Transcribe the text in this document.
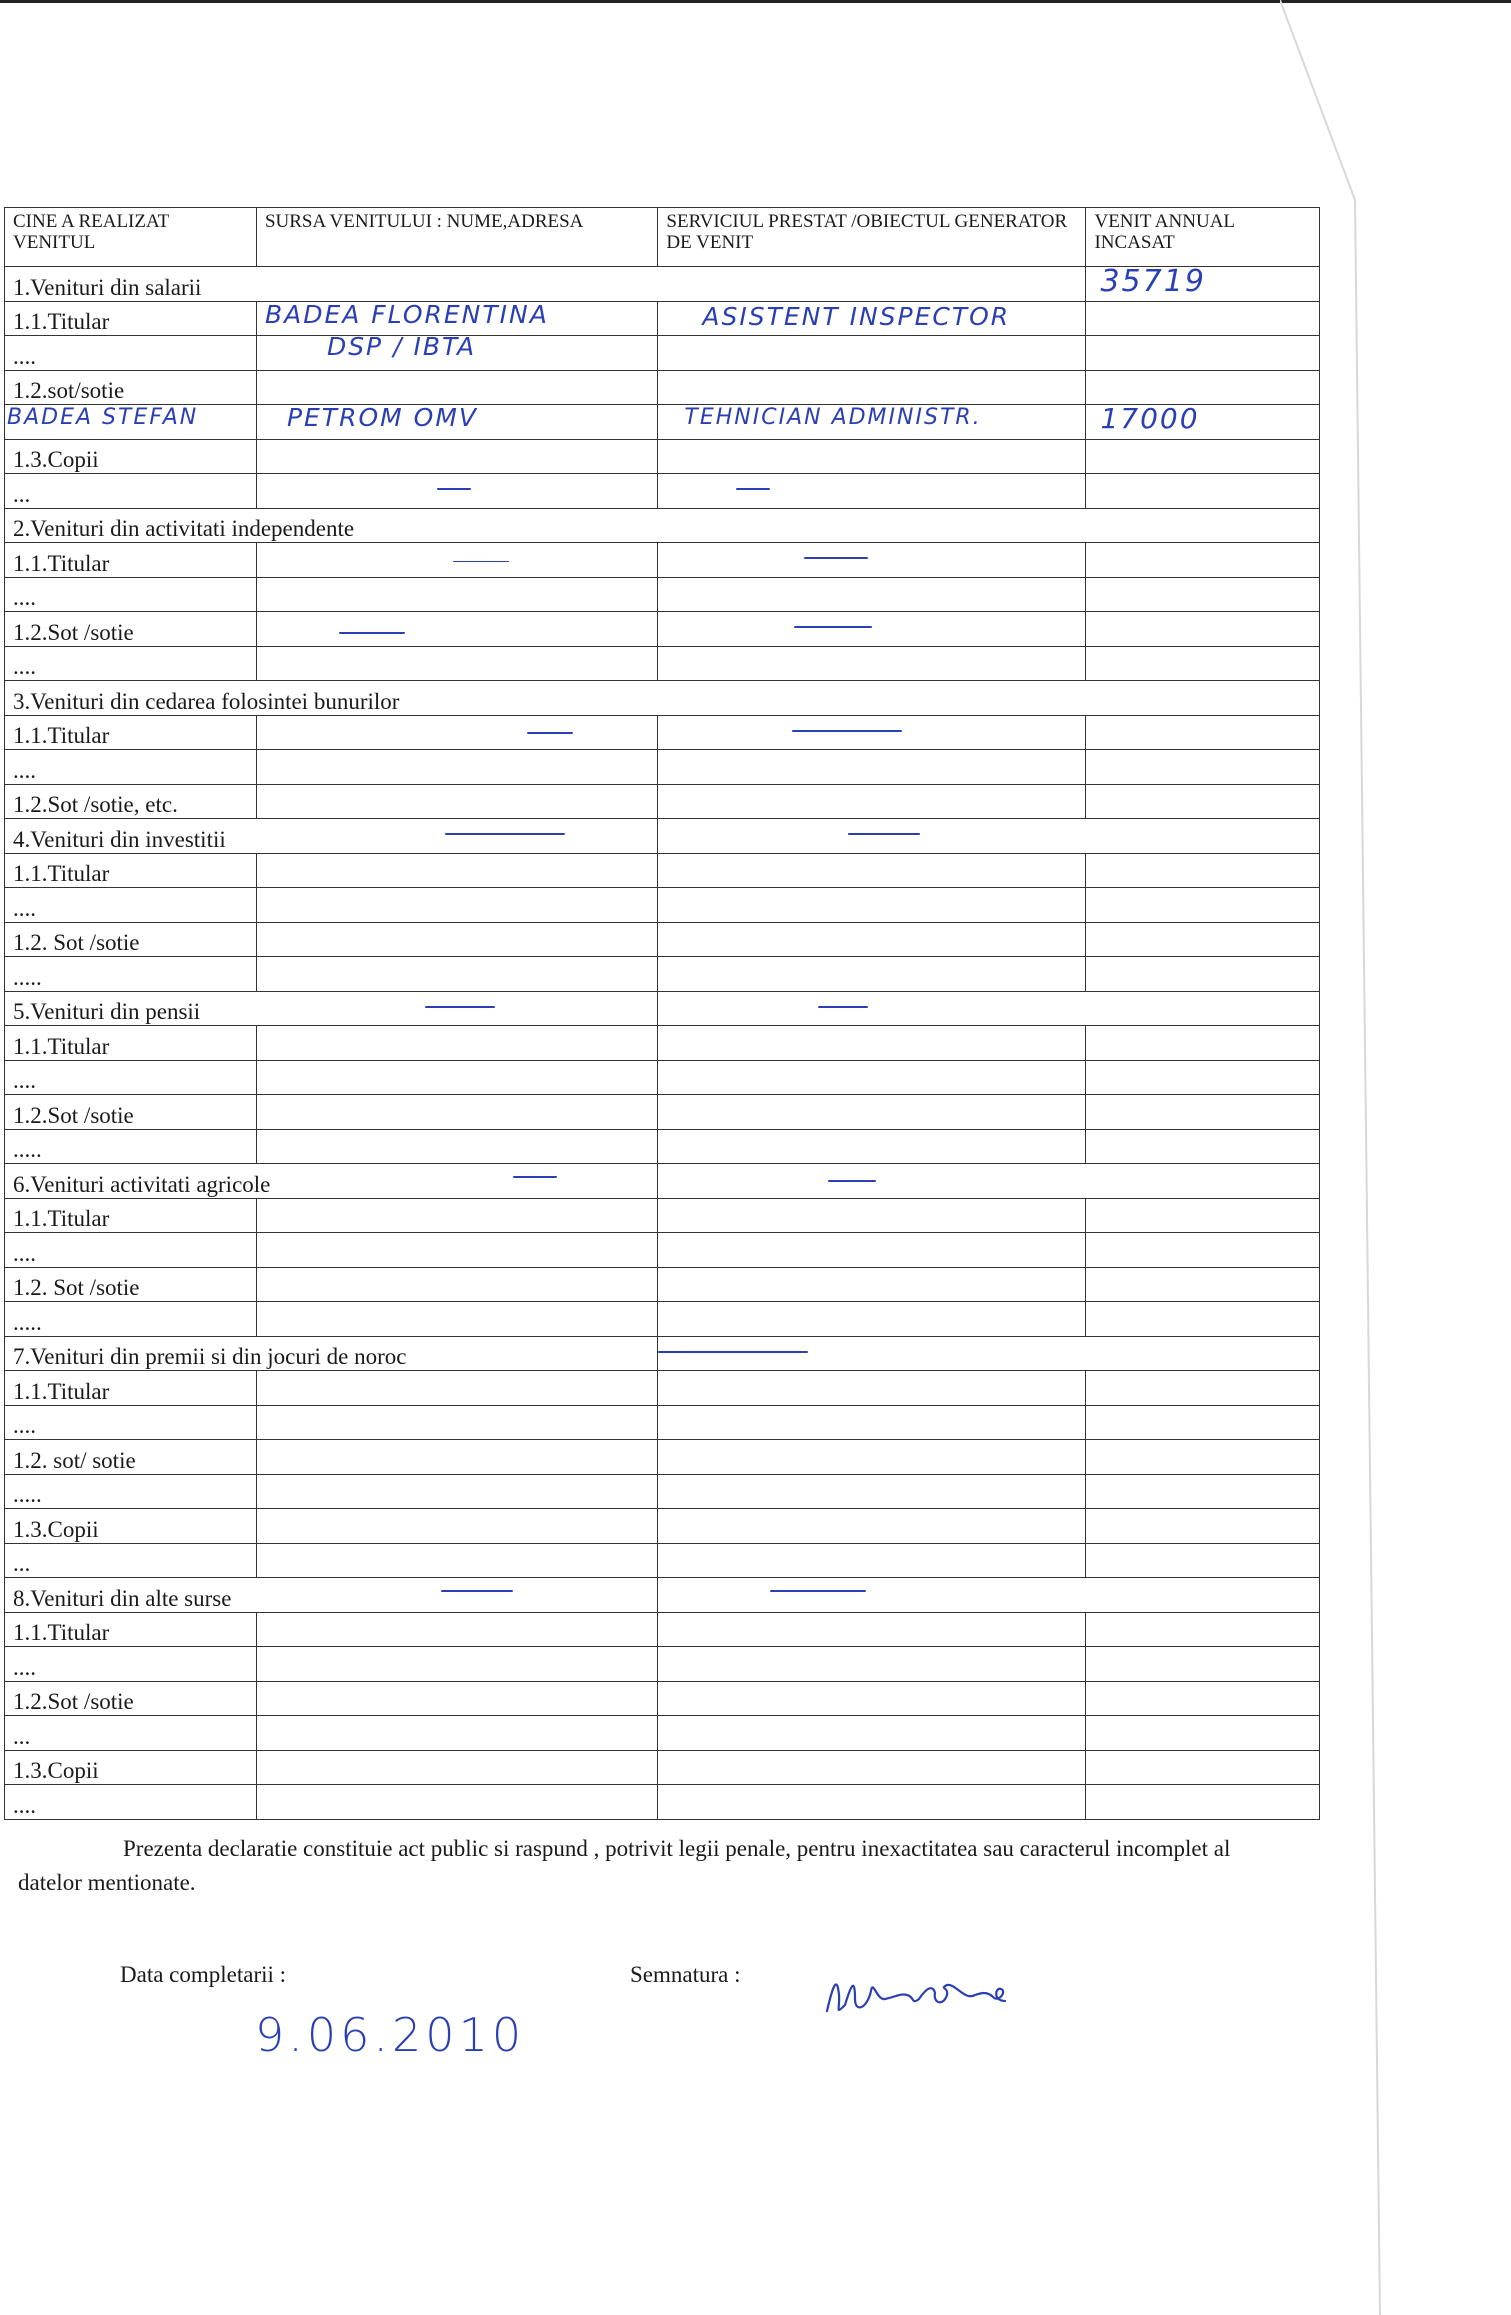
CINE A REALIZAT VENITUL	SURSA VENITULUI : NUME,ADRESA	SERVICIUL PRESTAT /OBIECTUL GENERATOR DE VENIT	VENIT ANNUAL INCASAT
1.Venituri din salarii			35719

1.1.Titular	BADEA FLORENTINA	ASISTENT INSPECTOR	

....	DSP / IBTA		

1.2.sot/sotie			

BADEA STEFAN	PETROM OMV	TEHNICIAN ADMINISTR.	17000

1.3.Copii			
...	

2.Venituri din activitati independente			
1.1.Titular	

....			
1.2.Sot /sotie	

....			
3.Venituri din cedarea folosintei bunurilor			
1.1.Titular	

....			
1.2.Sot /sotie, etc.			
4.Venituri din investitii	

1.1.Titular			
....			
1.2. Sot /sotie			
.....			
5.Venituri din pensii	

1.1.Titular			
....			
1.2.Sot /sotie			
.....			
6.Venituri activitati agricole	

1.1.Titular			
....			
1.2. Sot /sotie			
.....			
7.Venituri din premii si din jocuri de noroc		

1.1.Titular			
....			
1.2. sot/ sotie			
.....			
1.3.Copii			
...			
8.Venituri din alte surse	

1.1.Titular			
....			
1.2.Sot /sotie			
...			
1.3.Copii			
....			
Prezenta declaratie constituie act public si raspund , potrivit legii penale, pentru inexactitatea sau caracterul incomplet al datelor mentionate.
Data completarii :
9.06.2010
Semnatura :
